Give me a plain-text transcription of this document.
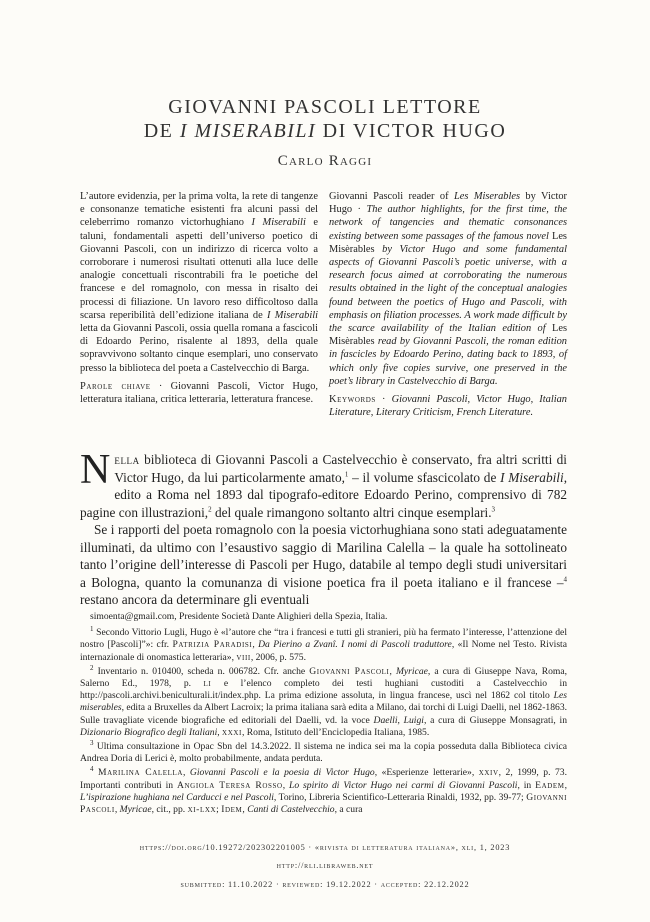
GIOVANNI PASCOLI LETTORE
DE I MISERABILI DI VICTOR HUGO
Carlo Raggi

L’autore evidenzia, per la prima volta, la rete di tangenze e consonanze tematiche esistenti fra alcuni passi del celeberrimo romanzo victorhughiano I Miserabili e taluni, fondamentali aspetti dell’universo poetico di Giovanni Pascoli, con un indirizzo di ricerca volto a corroborare i numerosi risultati ottenuti alla luce delle analogie concettuali riscontrabili fra le poetiche del francese e del romagnolo, con messa in risalto dei processi di filiazione. Un lavoro reso difficoltoso dalla scarsa reperibilità dell’edizione italiana de I Miserabili letta da Giovanni Pascoli, ossia quella romana a fascicoli di Edoardo Perino, risalente al 1893, della quale sopravvivono soltanto cinque esemplari, uno conservato presso la biblioteca del poeta a Castelvecchio di Barga.

Parole chiave · Giovanni Pascoli, Victor Hugo, letteratura italiana, critica letteraria, letteratura francese.

Giovanni Pascoli reader of Les Miserables by Victor Hugo · The author highlights, for the first time, the network of tangencies and thematic consonances existing between some passages of the famous novel Les Misèrables by Victor Hugo and some fundamental aspects of Giovanni Pascoli’s poetic universe, with a research focus aimed at corroborating the numerous results obtained in the light of the conceptual analogies found between the poetics of Hugo and Pascoli, with emphasis on filiation processes. A work made difficult by the scarce availability of the Italian edition of Les Misèrables read by Giovanni Pascoli, the roman edition in fascicles by Edoardo Perino, dating back to 1893, of which only five copies survive, one preserved in the poet’s library in Castelvecchio di Barga.

Keywords · Giovanni Pascoli, Victor Hugo, Italian Literature, Literary Criticism, French Literature.

Nella biblioteca di Giovanni Pascoli a Castelvecchio è conservato, fra altri scritti di Victor Hugo, da lui particolarmente amato,$^1$ – il volume sfascicolato de I Miserabili, edito a Roma nel 1893 dal tipografo-editore Edoardo Perino, comprensivo di 782 pagine con illustrazioni,$^2$ del quale rimangono soltanto altri cinque esemplari.$^3$

Se i rapporti del poeta romagnolo con la poesia victorhughiana sono stati adeguatamente illuminati, da ultimo con l’esaustivo saggio di Marilina Calella – la quale ha sottolineato tanto l’origine dell’interesse di Pascoli per Hugo, databile al tempo degli studi universitari a Bologna, quanto la comunanza di visione poetica fra il poeta italiano e il francese –$^4$ restano ancora da determinare gli eventuali

simoenta@gmail.com, Presidente Società Dante Alighieri della Spezia, Italia.

$^1$ Secondo Vittorio Lugli, Hugo è «l’autore che “tra i francesi e tutti gli stranieri, più ha fermato l’interesse, l’attenzione del nostro [Pascoli]”»: cfr. Patrizia Paradisi, Da Pierino a Zvanî. I nomi di Pascoli traduttore, «Il Nome nel Testo. Rivista internazionale di onomastica letteraria», viii, 2006, p. 575.

$^2$ Inventario n. 010400, scheda n. 006782. Cfr. anche Giovanni Pascoli, Myricae, a cura di Giuseppe Nava, Roma, Salerno Ed., 1978, p. li e l’elenco completo dei testi hughiani custoditi a Castelvecchio in http://pascoli.archivi.beniculturali.it/index.php. La prima edizione assoluta, in lingua francese, uscì nel 1862 col titolo Les miserables, edita a Bruxelles da Albert Lacroix; la prima italiana sarà edita a Milano, dai torchi di Luigi Daelli, nel 1862-1863. Sulle travagliate vicende biografiche ed editoriali del Daelli, vd. la voce Daelli, Luigi, a cura di Giuseppe Monsagrati, in Dizionario Biografico degli Italiani, xxxi, Roma, Istituto dell’Enciclopedia Italiana, 1985.

$^3$ Ultima consultazione in Opac Sbn del 14.3.2022. Il sistema ne indica sei ma la copia posseduta dalla Biblioteca civica Andrea Doria di Lerici è, molto probabilmente, andata perduta.

$^4$ Marilina Calella, Giovanni Pascoli e la poesia di Victor Hugo, «Esperienze letterarie», xxiv, 2, 1999, p. 73. Importanti contributi in Angiola Teresa Rosso, Lo spirito di Victor Hugo nei carmi di Giovanni Pascoli, in Eadem, L’ispirazione hughiana nel Carducci e nel Pascoli, Torino, Libreria Scientifico-Letteraria Rinaldi, 1932, pp. 39-77; Giovanni Pascoli, Myricae, cit., pp. xi-lxx; Idem, Canti di Castelvecchio, a cura

https://doi.org/10.19272/202302201005 · «rivista di letteratura italiana», xli, 1, 2023
http://rli.libraweb.net
submitted: 11.10.2022 · reviewed: 19.12.2022 · accepted: 22.12.2022
